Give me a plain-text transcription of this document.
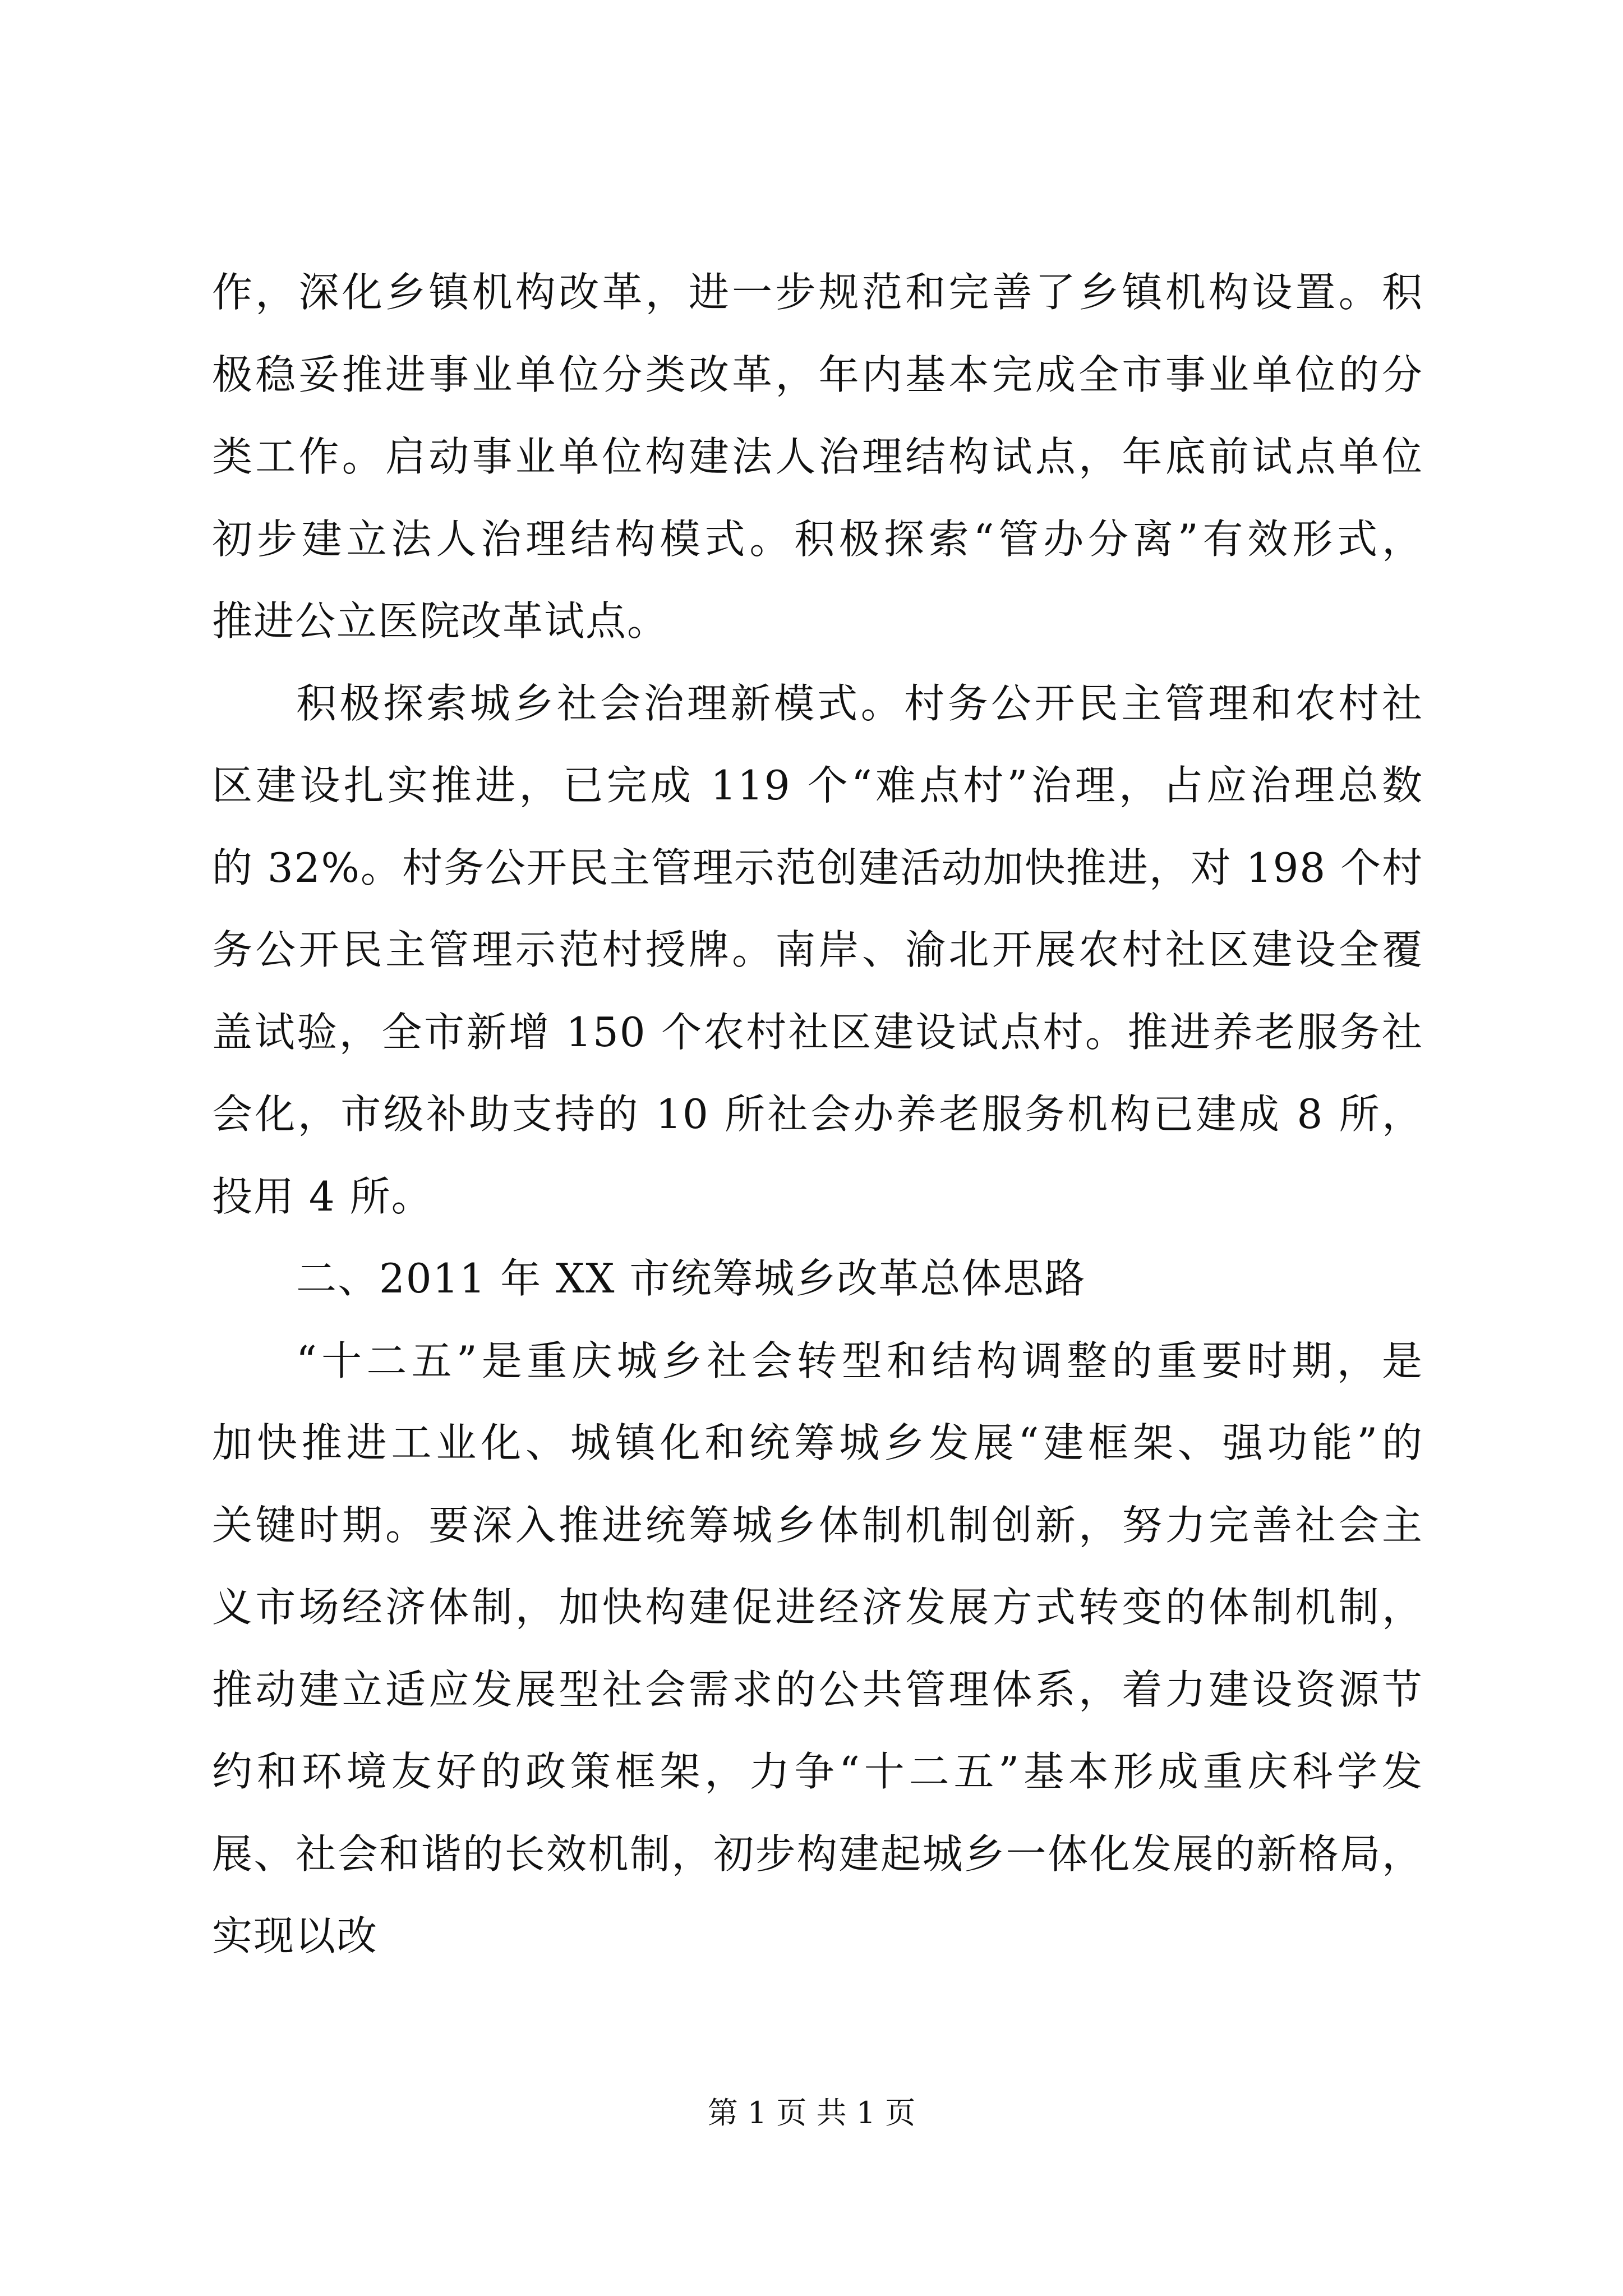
作，深化乡镇机构改革，进一步规范和完善了乡镇机构设置。积
极稳妥推进事业单位分类改革，年内基本完成全市事业单位的分
类工作。启动事业单位构建法人治理结构试点，年底前试点单位
初步建立法人治理结构模式。积极探索“管办分离”有效形式，
推进公立医院改革试点。
积极探索城乡社会治理新模式。村务公开民主管理和农村社
区建设扎实推进，已完成 119 个“难点村”治理，占应治理总数
的 32%。村务公开民主管理示范创建活动加快推进，对 198 个村
务公开民主管理示范村授牌。南岸、渝北开展农村社区建设全覆
盖试验，全市新增 150 个农村社区建设试点村。推进养老服务社
会化，市级补助支持的 10 所社会办养老服务机构已建成 8 所，
投用 4 所。
二、2011 年 XX 市统筹城乡改革总体思路
“十二五”是重庆城乡社会转型和结构调整的重要时期，是
加快推进工业化、城镇化和统筹城乡发展“建框架、强功能”的
关键时期。要深入推进统筹城乡体制机制创新，努力完善社会主
义市场经济体制，加快构建促进经济发展方式转变的体制机制，
推动建立适应发展型社会需求的公共管理体系，着力建设资源节
约和环境友好的政策框架，力争“十二五”基本形成重庆科学发
展、社会和谐的长效机制，初步构建起城乡一体化发展的新格局，
实现以改
第 1 页 共 1 页
